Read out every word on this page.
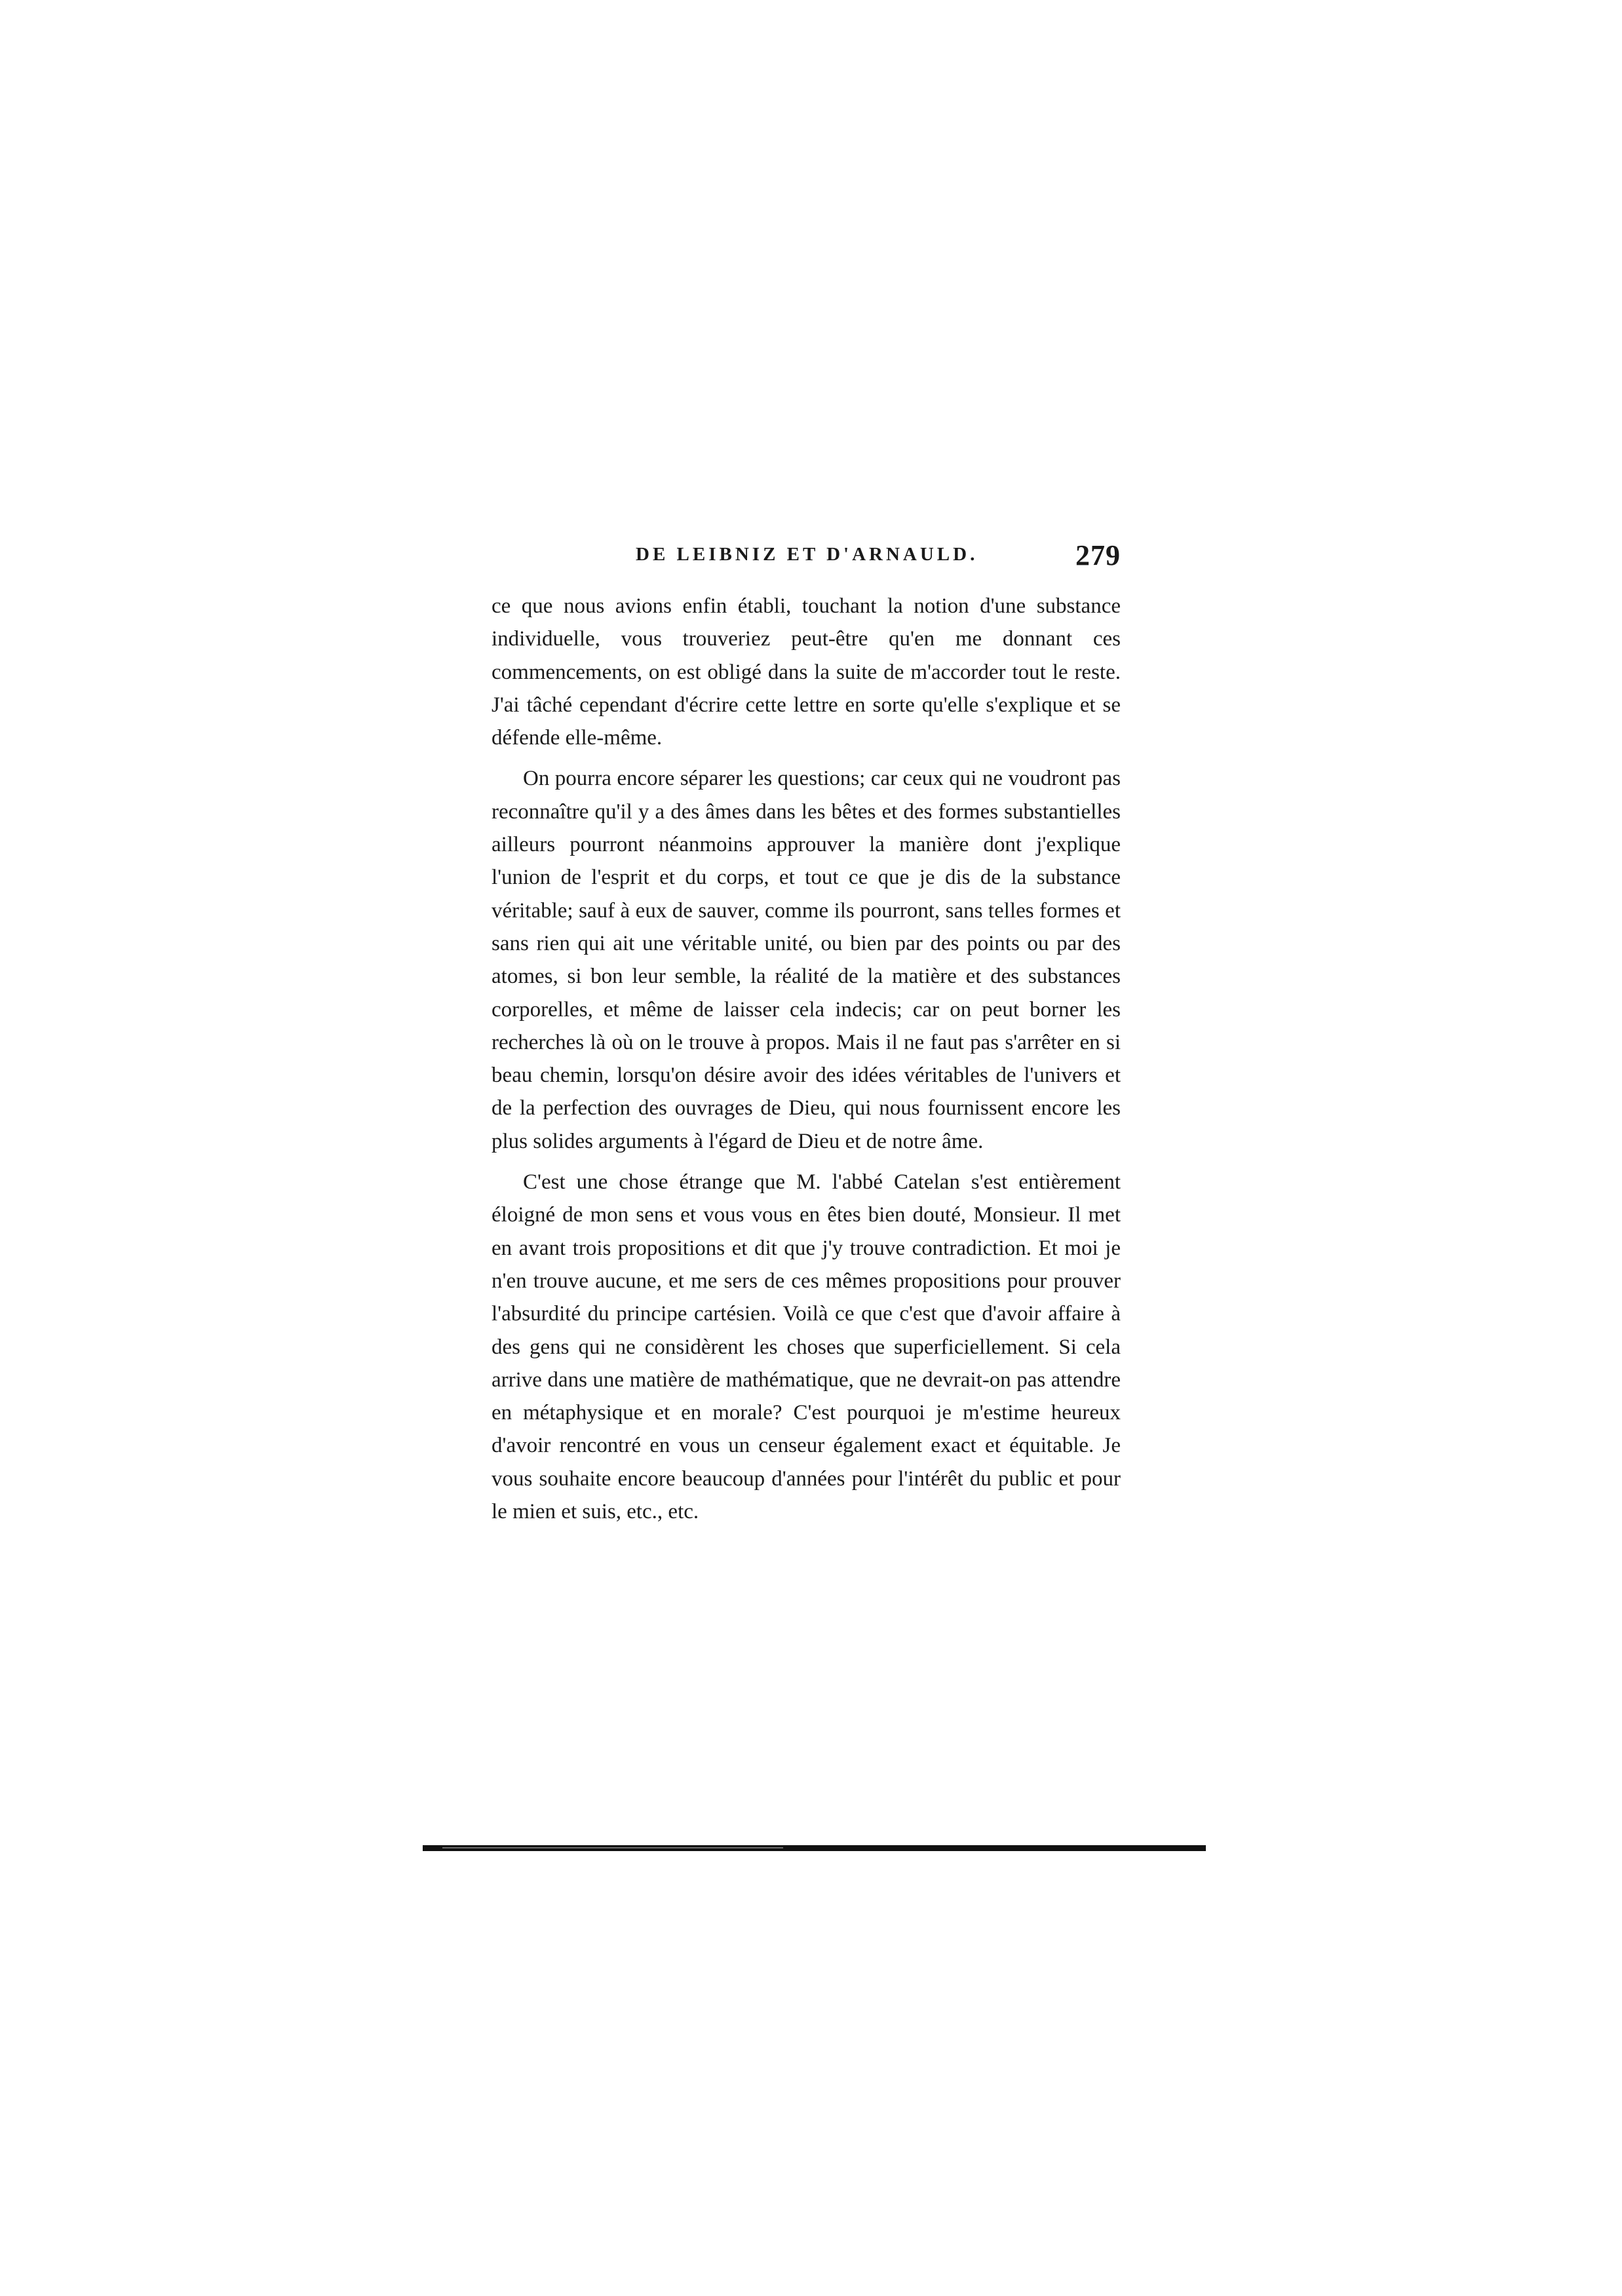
DE LEIBNIZ ET D'ARNAULD.	279

ce que nous avions enfin établi, touchant la notion d'une substance individuelle, vous trouveriez peut-être qu'en me donnant ces commencements, on est obligé dans la suite de m'accorder tout le reste. J'ai tâché cependant d'écrire cette lettre en sorte qu'elle s'explique et se défende elle-même.

On pourra encore séparer les questions; car ceux qui ne voudront pas reconnaître qu'il y a des âmes dans les bêtes et des formes substantielles ailleurs pourront néanmoins approuver la manière dont j'explique l'union de l'esprit et du corps, et tout ce que je dis de la substance véritable; sauf à eux de sauver, comme ils pourront, sans telles formes et sans rien qui ait une véritable unité, ou bien par des points ou par des atomes, si bon leur semble, la réalité de la matière et des substances corporelles, et même de laisser cela indecis; car on peut borner les recherches là où on le trouve à propos. Mais il ne faut pas s'arrêter en si beau chemin, lorsqu'on désire avoir des idées véritables de l'univers et de la perfection des ouvrages de Dieu, qui nous fournissent encore les plus solides arguments à l'égard de Dieu et de notre âme.

C'est une chose étrange que M. l'abbé Catelan s'est entièrement éloigné de mon sens et vous vous en êtes bien douté, Monsieur. Il met en avant trois propositions et dit que j'y trouve contradiction. Et moi je n'en trouve aucune, et me sers de ces mêmes propositions pour prouver l'absurdité du principe cartésien. Voilà ce que c'est que d'avoir affaire à des gens qui ne considèrent les choses que superficiellement. Si cela arrive dans une matière de mathématique, que ne devrait-on pas attendre en métaphysique et en morale? C'est pourquoi je m'estime heureux d'avoir rencontré en vous un censeur également exact et équitable. Je vous souhaite encore beaucoup d'années pour l'intérêt du public et pour le mien et suis, etc., etc.
